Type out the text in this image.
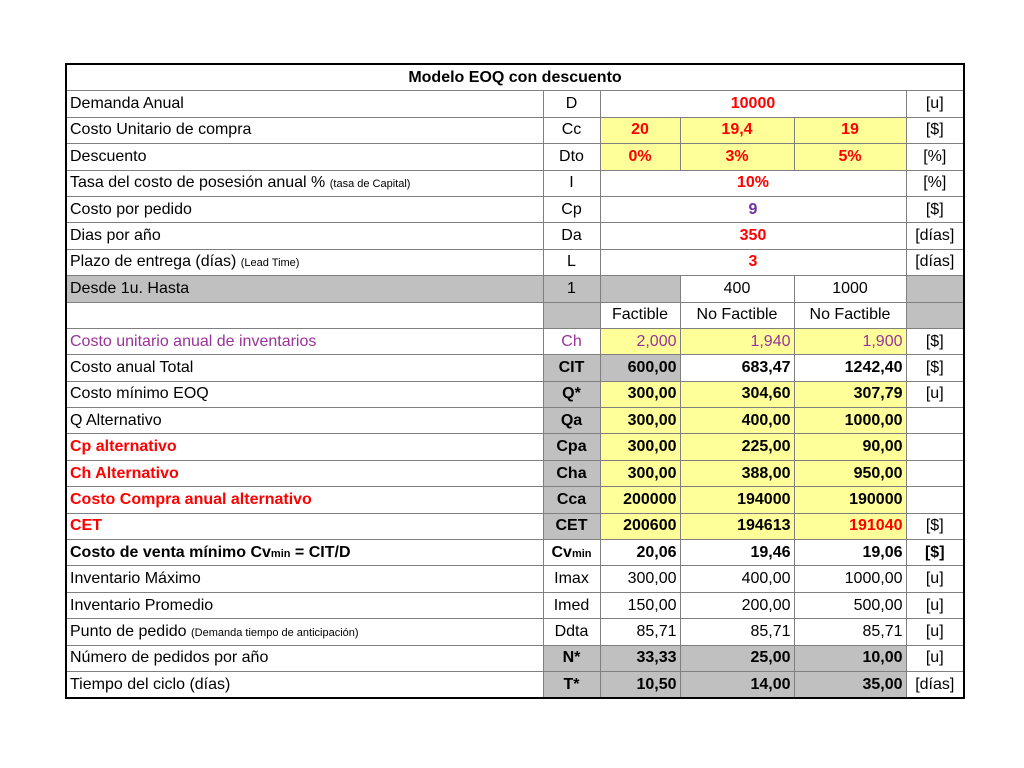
Modelo EOQ con descuento					
Demanda Anual	D	10000			[u]
Costo Unitario de compra	Cc	20	19,4	19	[$]
Descuento	Dto	0%	3%	5%	[%]
Tasa del costo de posesión anual % (tasa de Capital)	I	10%			[%]
Costo por pedido	Cp	9			[$]
Dias por año	Da	350			[días]
Plazo de entrega (días) (Lead Time)	L	3			[días]
Desde 1u. Hasta	1		400	1000	
		Factible	No Factible	No Factible	
Costo unitario anual de inventarios	Ch	2,000	1,940	1,900	[$]
Costo anual Total	CIT	600,00	683,47	1242,40	[$]
Costo mínimo EOQ	Q*	300,00	304,60	307,79	[u]
Q Alternativo	Qa	300,00	400,00	1000,00	
Cp alternativo	Cpa	300,00	225,00	90,00	
Ch Alternativo	Cha	300,00	388,00	950,00	
Costo Compra anual alternativo	Cca	200000	194000	190000	
CET	CET	200600	194613	191040	[$]
Costo de venta mínimo Cvmin = CIT/D	Cvmin	20,06	19,46	19,06	[$]
Inventario Máximo	Imax	300,00	400,00	1000,00	[u]
Inventario Promedio	Imed	150,00	200,00	500,00	[u]
Punto de pedido (Demanda tiempo de anticipación)	Ddta	85,71	85,71	85,71	[u]
Número de pedidos por año	N*	33,33	25,00	10,00	[u]
Tiempo del ciclo (días)	T*	10,50	14,00	35,00	[días]
